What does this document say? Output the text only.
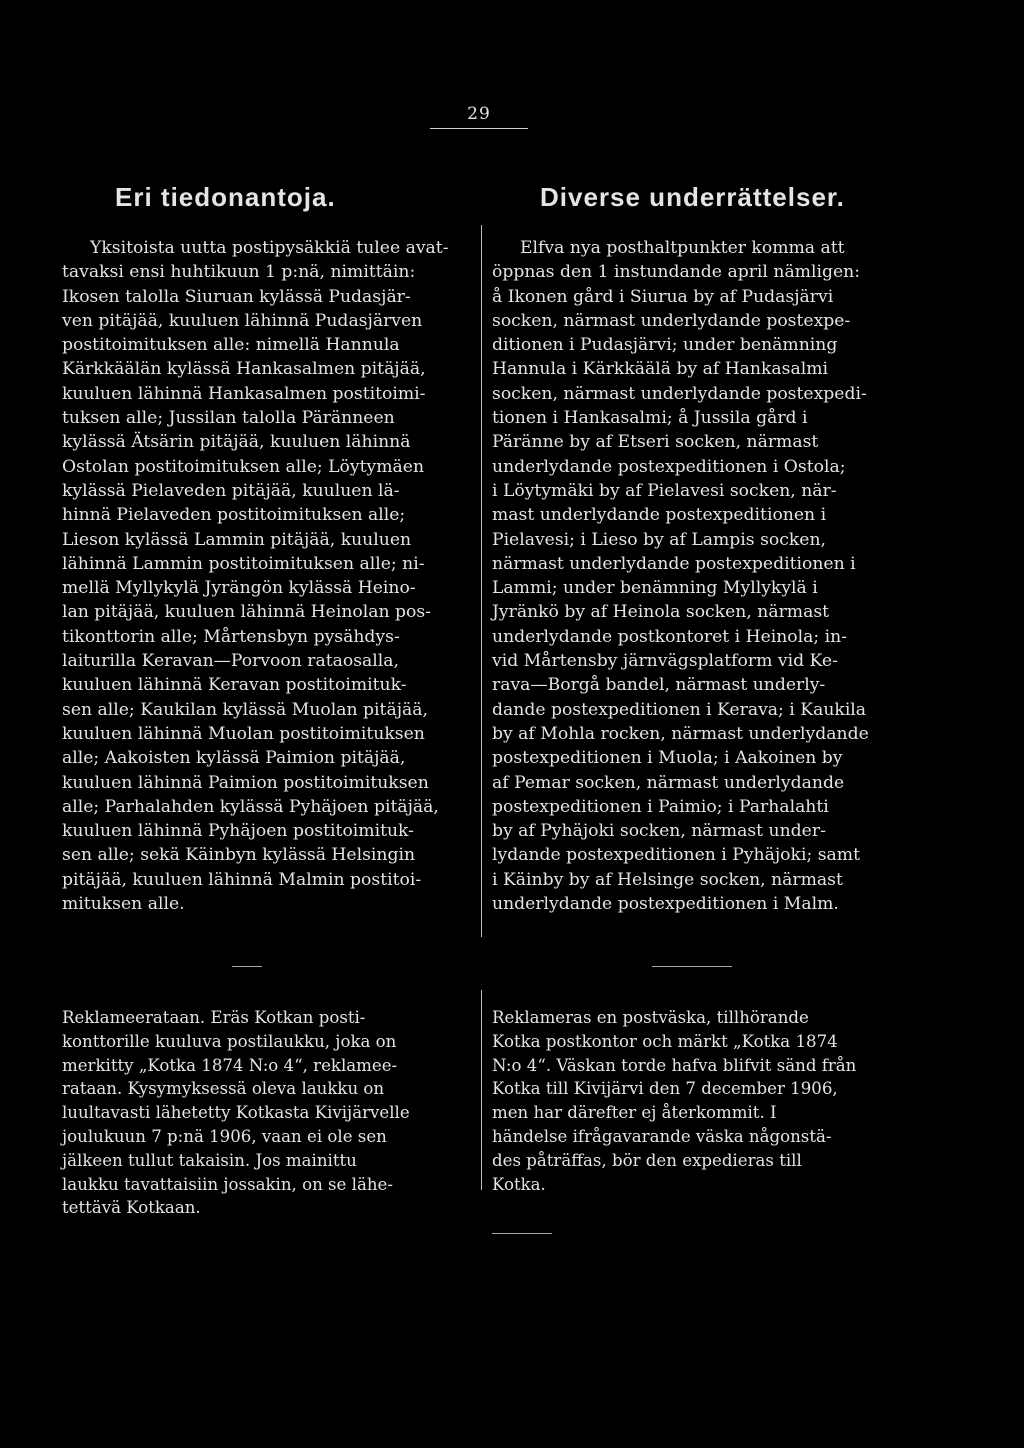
29
Eri tiedonantoja.	Diverse underrättelser.
Yksitoista uutta postipysäkkiä tulee avat-
tavaksi ensi huhtikuun 1 p:nä, nimittäin:
Ikosen talolla Siuruan kylässä Pudasjär-
ven pitäjää, kuuluen lähinnä Pudasjärven
postitoimituksen alle: nimellä Hannula
Kärkkäälän kylässä Hankasalmen pitäjää,
kuuluen lähinnä Hankasalmen postitoimi-
tuksen alle; Jussilan talolla Päränneen
kylässä Ätsärin pitäjää, kuuluen lähinnä
Ostolan postitoimituksen alle; Löytymäen
kylässä Pielaveden pitäjää, kuuluen lä-
hinnä Pielaveden postitoimituksen alle;
Lieson kylässä Lammin pitäjää, kuuluen
lähinnä Lammin postitoimituksen alle; ni-
mellä Myllykylä Jyrängön kylässä Heino-
lan pitäjää, kuuluen lähinnä Heinolan pos-
tikonttorin alle; Mårtensbyn pysähdys-
laiturilla Keravan—Porvoon rataosalla,
kuuluen lähinnä Keravan postitoimituk-
sen alle; Kaukilan kylässä Muolan pitäjää,
kuuluen lähinnä Muolan postitoimituksen
alle; Aakoisten kylässä Paimion pitäjää,
kuuluen lähinnä Paimion postitoimituksen
alle; Parhalahden kylässä Pyhäjoen pitäjää,
kuuluen lähinnä Pyhäjoen postitoimituk-
sen alle; sekä Käinbyn kylässä Helsingin
pitäjää, kuuluen lähinnä Malmin postitoi-
mituksen alle.
Elfva nya posthaltpunkter komma att
öppnas den 1 instundande april nämligen:
å Ikonen gård i Siurua by af Pudasjärvi
socken, närmast underlydande postexpe-
ditionen i Pudasjärvi; under benämning
Hannula i Kärkkäälä by af Hankasalmi
socken, närmast underlydande postexpedi-
tionen i Hankasalmi; å Jussila gård i
Pärännе by af Etseri socken, närmast
underlydande postexpeditionen i Ostola;
i Löytymäki by af Pielavesi socken, när-
mast underlydande postexpeditionen i
Pielavesi; i Lieso by af Lampis socken,
närmast underlydande postexpeditionen i
Lammi; under benämning Myllykylä i
Jyränkö by af Heinola socken, närmast
underlydande postkontoret i Heinola; in-
vid Mårtensby järnvägsplatform vid Ke-
rava—Borgå bandel, närmast underly-
dande postexpeditionen i Kerava; i Kaukila
by af Mohla rocken, närmast underlydande
postexpeditionen i Muola; i Aakoinen by
af Pemar socken, närmast underlydande
postexpeditionen i Paimio; i Parhalahti
by af Pyhäjoki socken, närmast under-
lydande postexpeditionen i Pyhäjoki; samt
i Käinby by af Helsinge socken, närmast
underlydande postexpeditionen i Malm.
Reklameerataan. Eräs Kotkan posti-
konttorille kuuluva postilaukku, joka on
merkitty „Kotka 1874 N:o 4“, reklamee-
rataan. Kysymyksessä oleva laukku on
luultavasti lähetetty Kotkasta Kivijärvelle
joulukuun 7 p:nä 1906, vaan ei ole sen
jälkeen tullut takaisin. Jos mainittu
laukku tavattaisiin jossakin, on se lähe-
tettävä Kotkaan.
Reklameras en postväska, tillhörande
Kotka postkontor och märkt „Kotka 1874
N:o 4“. Väskan torde hafva blifvit sänd från
Kotka till Kivijärvi den 7 december 1906,
men har därefter ej återkommit. I
händelse ifrågavarande väska någonstä-
des påträffas, bör den expedieras till
Kotka.
